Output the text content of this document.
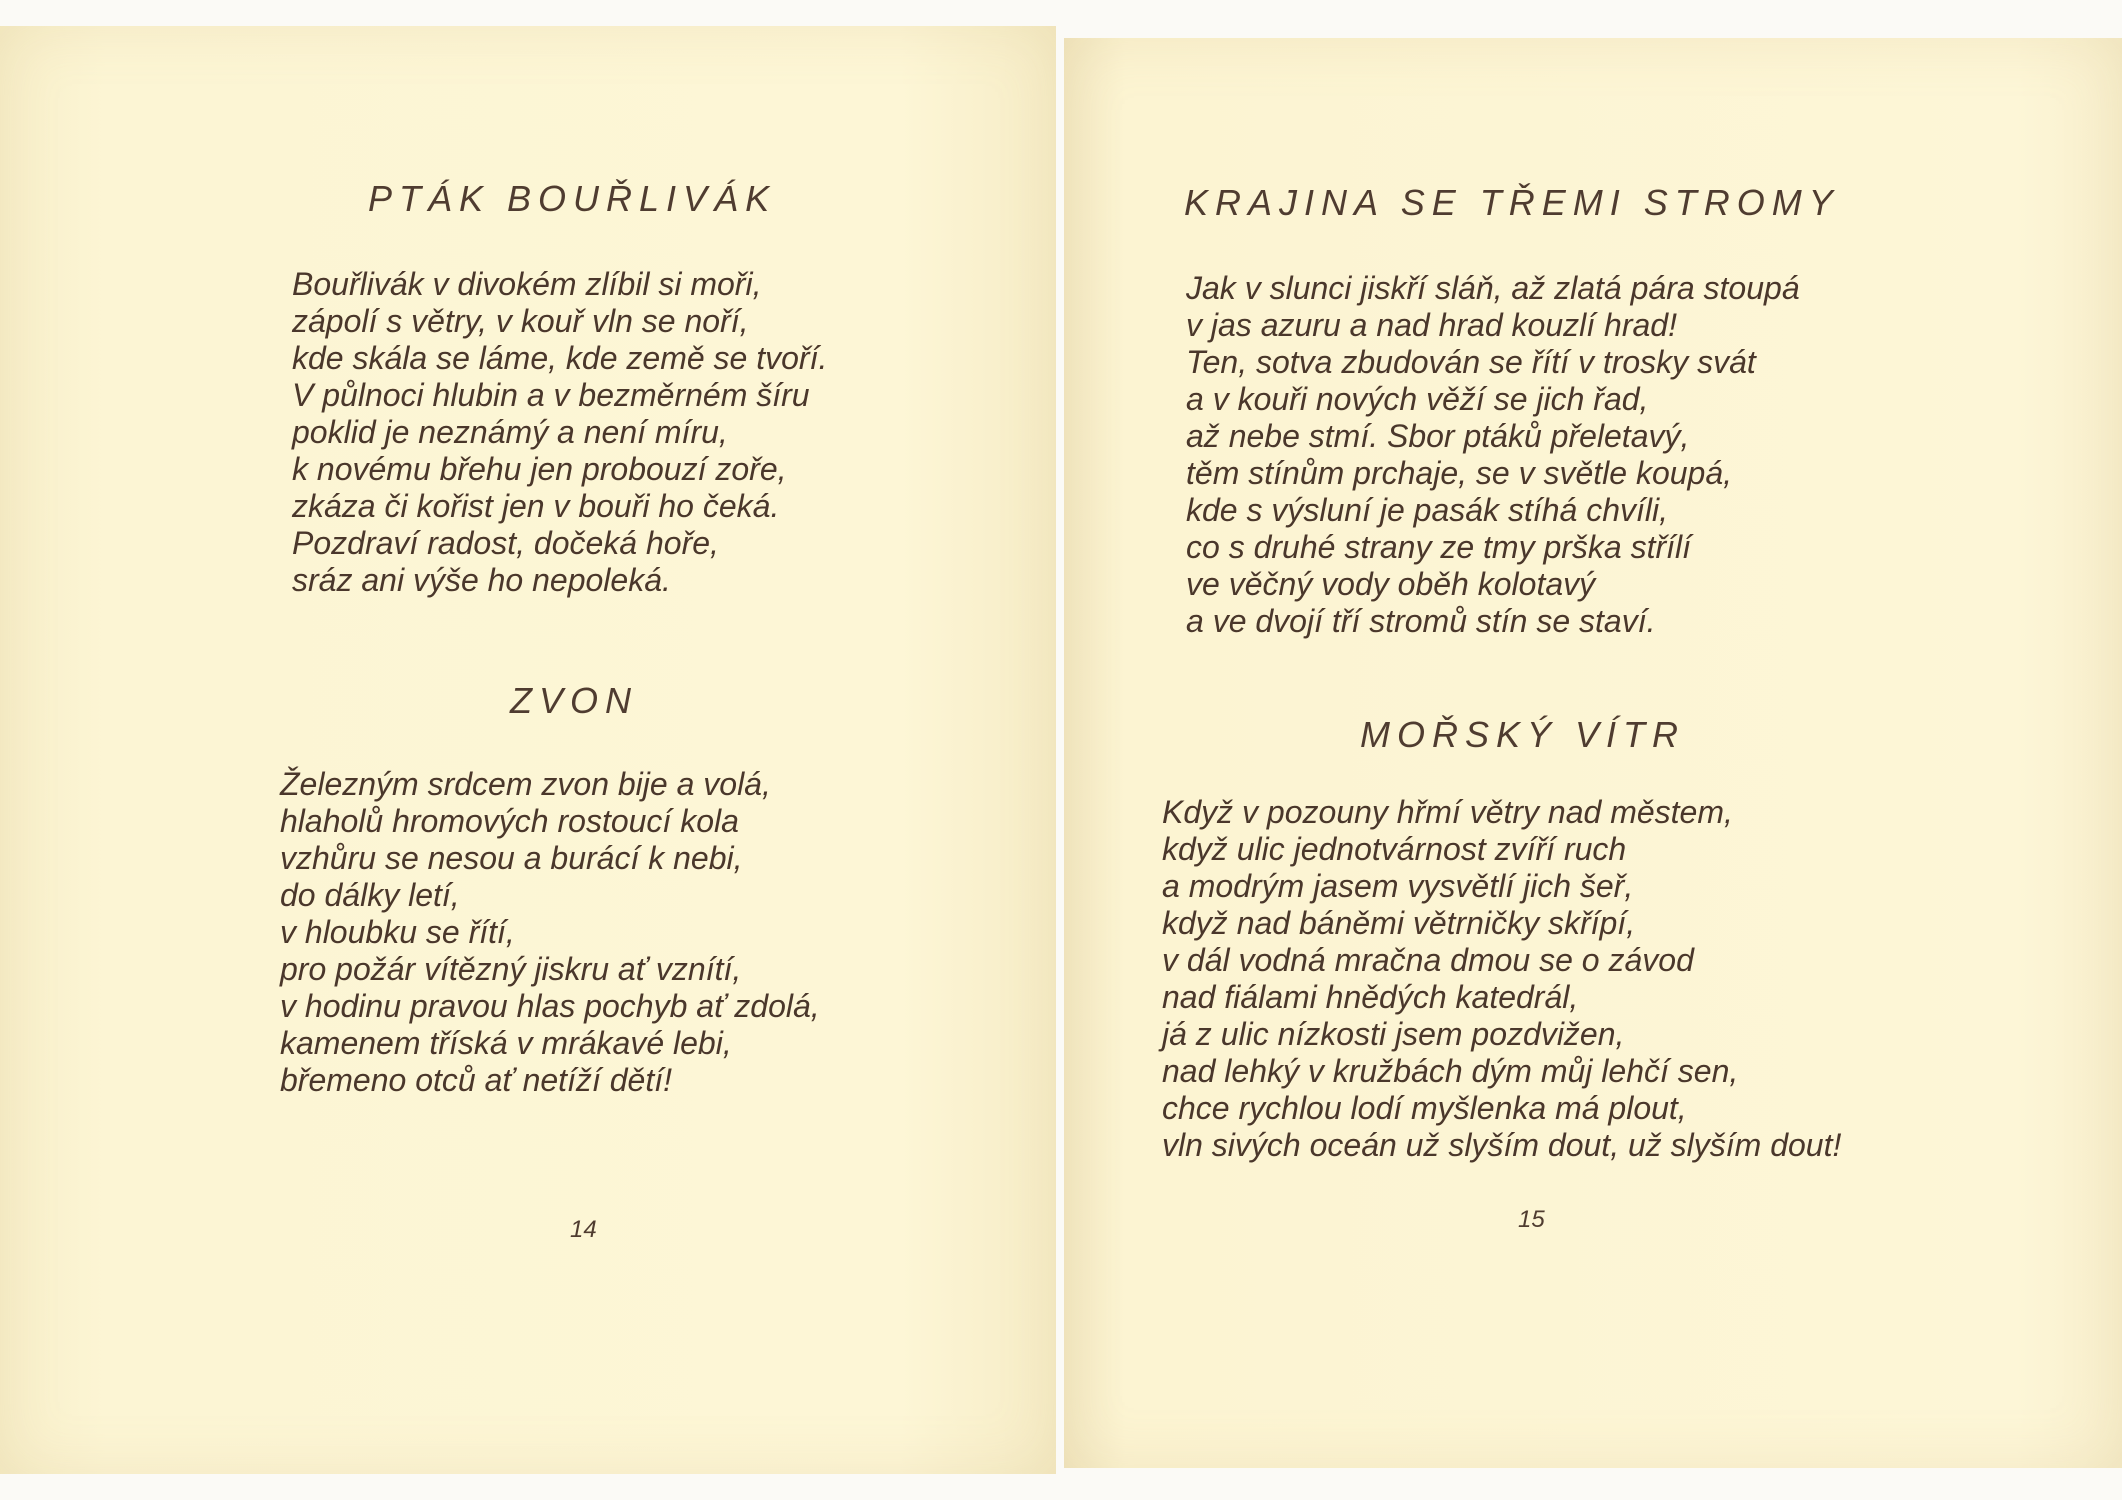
PTÁK BOUŘLIVÁK
Bouřlivák v divokém zlíbil si moři,
zápolí s větry, v kouř vln se noří,
kde skála se láme, kde země se tvoří.
V půlnoci hlubin a v bezměrném šíru
poklid je neznámý a není míru,
k novému břehu jen probouzí zoře,
zkáza či kořist jen v bouři ho čeká.
Pozdraví radost, dočeká hoře,
sráz ani výše ho nepoleká.
ZVON
Železným srdcem zvon bije a volá,
hlaholů hromových rostoucí kola
vzhůru se nesou a burácí k nebi,
do dálky letí,
v hloubku se řítí,
pro požár vítězný jiskru ať vznítí,
v hodinu pravou hlas pochyb ať zdolá,
kamenem tříská v mrákavé lebi,
břemeno otců ať netíží dětí!
14
KRAJINA SE TŘEMI STROMY
Jak v slunci jiskří sláň, až zlatá pára stoupá
v jas azuru a nad hrad kouzlí hrad!
Ten, sotva zbudován se řítí v trosky svát
a v kouři nových věží se jich řad,
až nebe stmí. Sbor ptáků přeletavý,
těm stínům prchaje, se v světle koupá,
kde s výsluní je pasák stíhá chvíli,
co s druhé strany ze tmy prška střílí
ve věčný vody oběh kolotavý
a ve dvojí tří stromů stín se staví.
MOŘSKÝ VÍTR
Když v pozouny hřmí větry nad městem,
když ulic jednotvárnost zvíří ruch
a modrým jasem vysvětlí jich šeř,
když nad báněmi větrničky skřípí,
v dál vodná mračna dmou se o závod
nad fiálami hnědých katedrál,
já z ulic nízkosti jsem pozdvižen,
nad lehký v kružbách dým můj lehčí sen,
chce rychlou lodí myšlenka má plout,
vln sivých oceán už slyším dout, už slyším dout!
15
